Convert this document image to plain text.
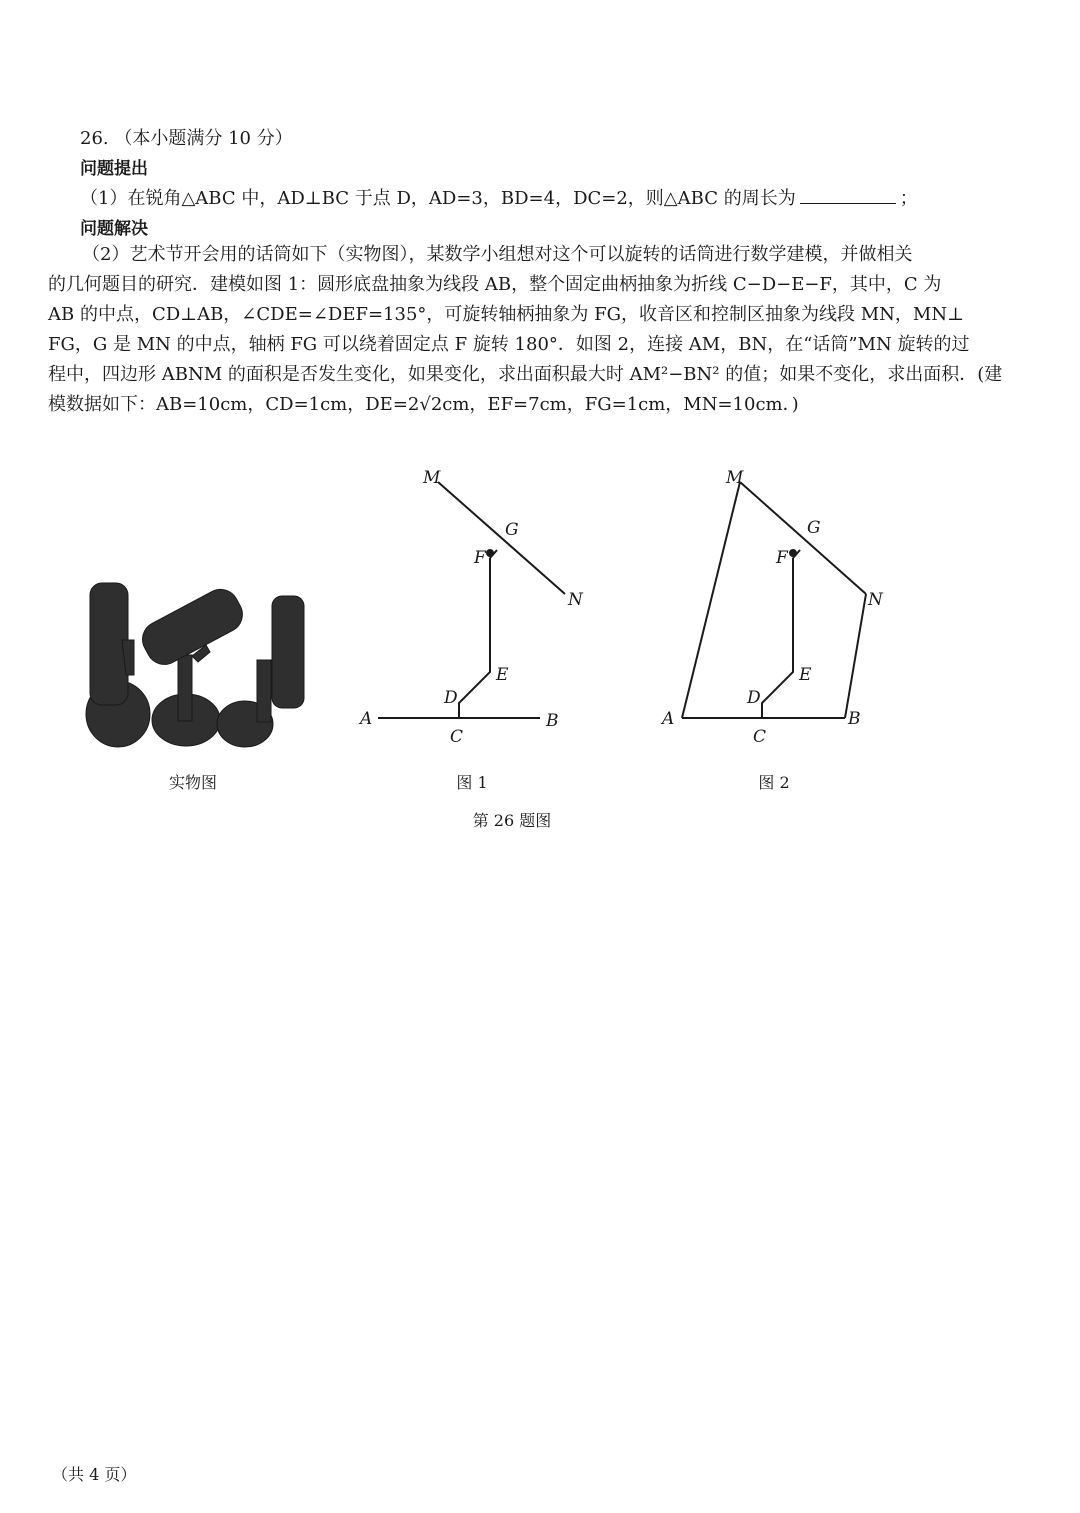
26. （本小题满分 10 分）
问题提出
（1）在锐角△ABC 中，AD⊥BC 于点 D，AD=3，BD=4，DC=2，则△ABC 的周长为	；
问题解决
（2）艺术节开会用的话筒如下（实物图），某数学小组想对这个可以旋转的话筒进行数学建模，并做相关
的几何题目的研究．建模如图 1：圆形底盘抽象为线段 AB，整个固定曲柄抽象为折线 C−D−E−F，其中，C 为
AB 的中点，CD⊥AB，∠CDE=∠DEF=135°，可旋转轴柄抽象为 FG，收音区和控制区抽象为线段 MN，MN⊥
FG，G 是 MN 的中点，轴柄 FG 可以绕着固定点 F 旋转 180°．如图 2，连接 AM，BN，在“话筒”MN 旋转的过
程中，四边形 ABNM 的面积是否发生变化，如果变化，求出面积最大时 AM²−BN² 的值；如果不变化，求出面积．(建
模数据如下：AB=10cm，CD=1cm，DE=2√2cm，EF=7cm，FG=1cm，MN=10cm．)
A	B
C
D
E
F
G
M
N
A	B
C
D
E
F
G
M
N
实物图	图 1	图 2
第 26 题图
（共 4 页）
